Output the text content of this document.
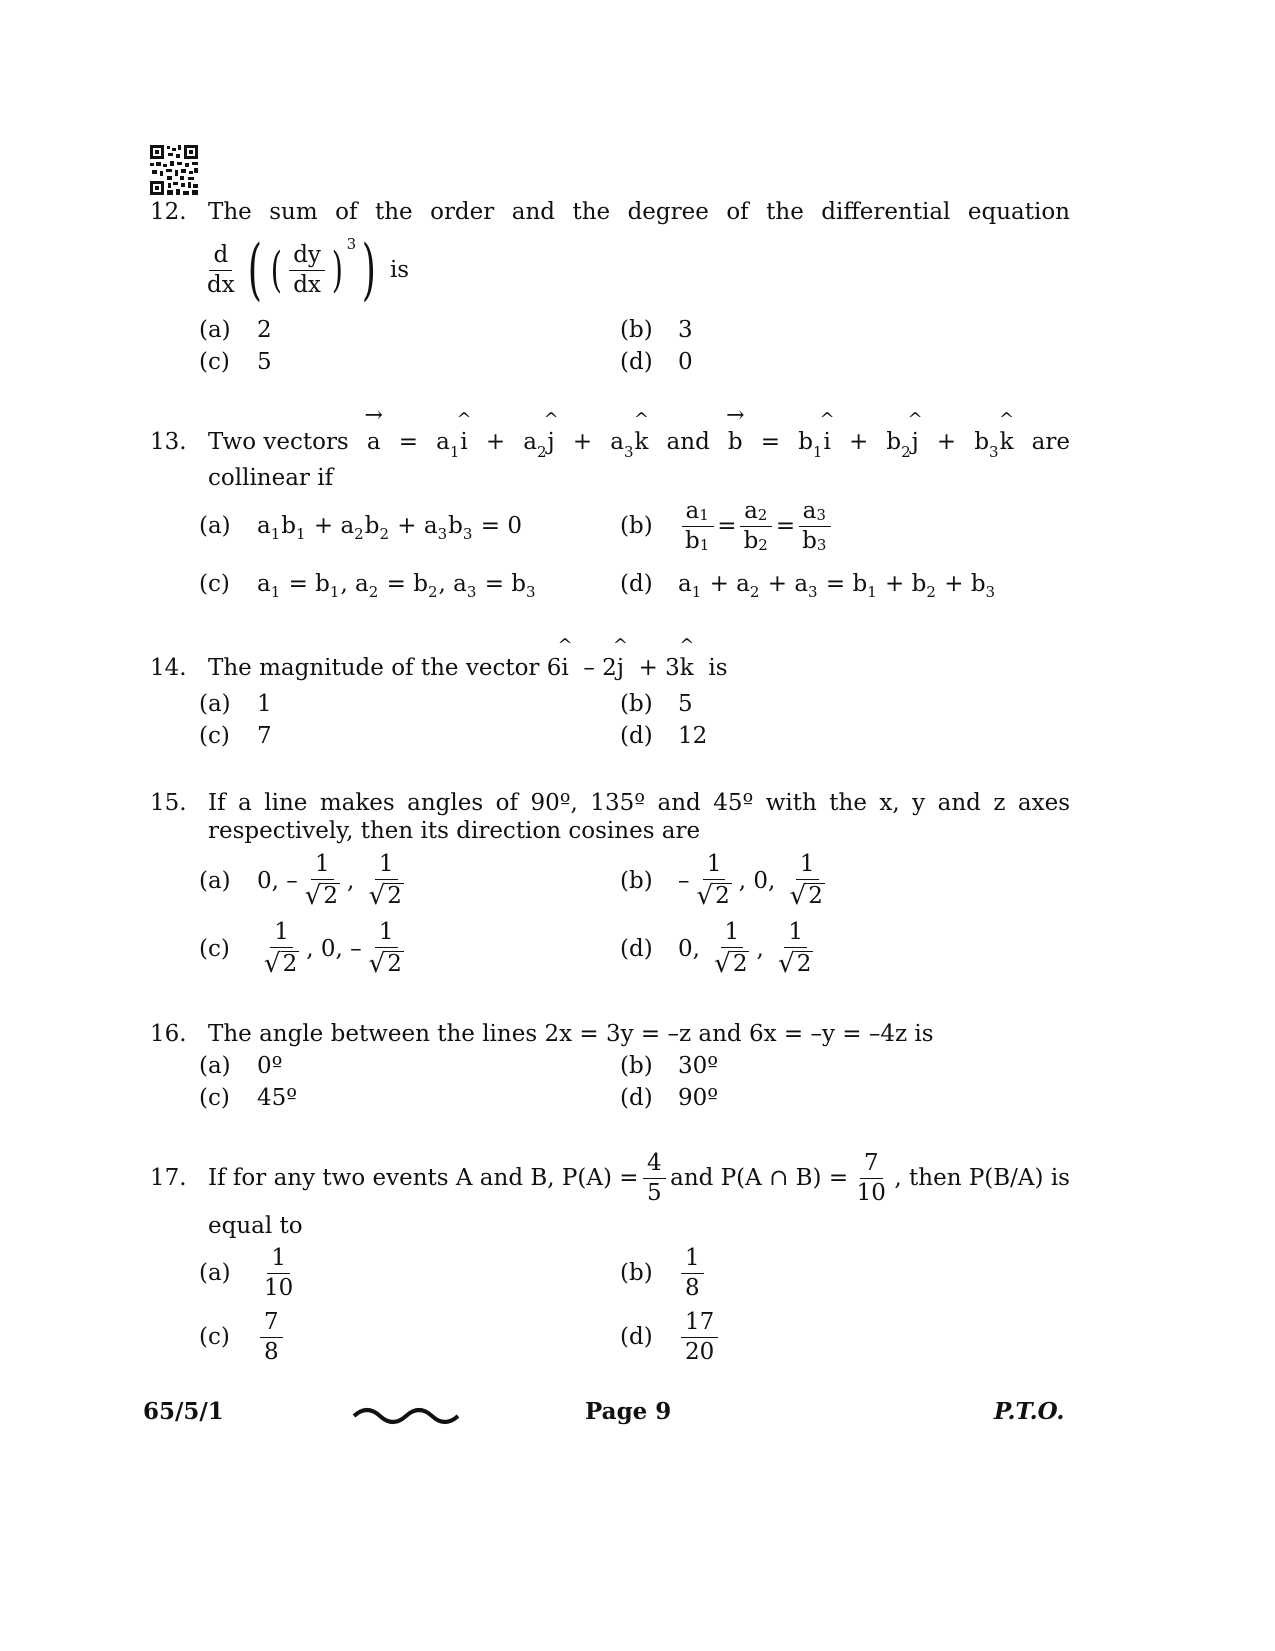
12. The sum of the order and the degree of the differential equation
$\frac{d}{dx}$ ( ( $\frac{dy}{dx}$ ) 3 ) is
(a)	2	(b)	3
(c)	5	(d)	0
13. Two vectors → $a = a_1\^{}$ $i + a_2\^{}$ $j + a_3\^{}$ k and → $b = b_1\^{}$ $i + b_2\^{}$ $j + b_3\^{}$ k are
collinear if
(a)	a 1 b 1 + a 2 b 2 + a 3 b 3 = 0	(b)	$\frac{a1}{b1} = \frac{a2}{b2} = \frac{a3}{b3}$
(c)	a 1 = b 1 , a 2 = b 2 , a 3 = b 3	(d)	a 1 + a 2 + a 3 = b 1 + b 2 + b 3
14. The magnitude of the vector 6^ i  – 2^ j  + 3^ k is
(a)	1	(b)	5
(c)	7	(d)	12
15. If a line makes angles of 90º, 135º and 45º with the x, y and z axes
respectively, then its direction cosines are
(a)	0, – $\frac{1}{√ 2}$ , $\frac{1}{√ 2}$	(b)	– $\frac{1}{√ 2}$ , 0, $\frac{1}{√ 2}$
(c)	$\frac{1}{√ 2}$ , 0, – $\frac{1}{√ 2}$	(d)	0, $\frac{1}{√ 2}$ , $\frac{1}{√ 2}$
16. The angle between the lines 2x = 3y = –z and 6x = –y = –4z is
(a)	0º	(b)	30º
(c)	45º	(d)	90º
17. If for any two events A and B, $P(A) = \frac{4}{5}$ and P(A ∩ $B) = \frac{7}{10}$ , then P(B/A) is
equal to
(a)	$\frac{1}{10}$	(b)	$\frac{1}{8}$
(c)	$\frac{7}{8}$	(d)	$\frac{17}{20}$
65/5/1	Page 9	P.T.O.
